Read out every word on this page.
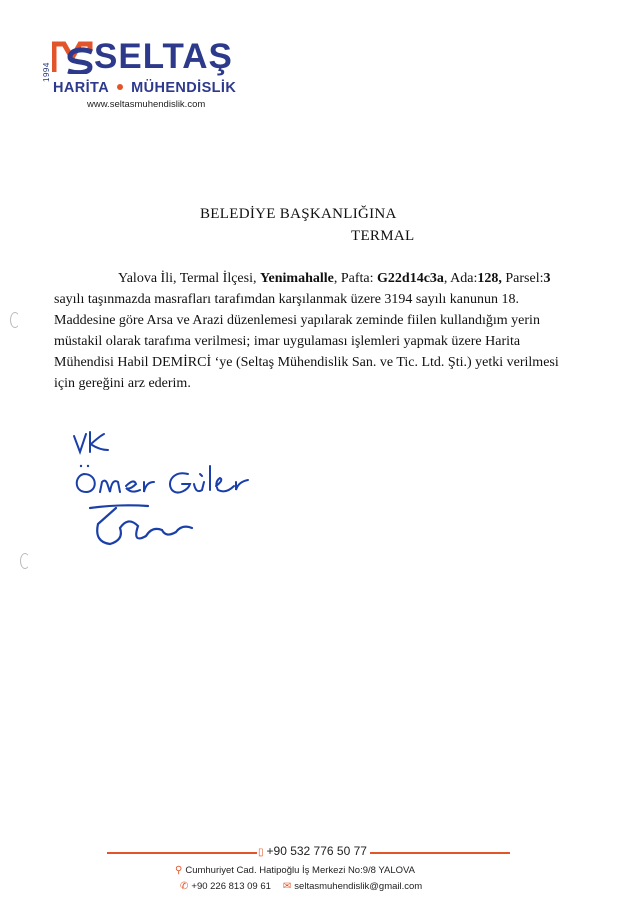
1994 SELTAŞ
HARİTA MÜHENDİSLİK
www.seltasmuhendislik.com
BELEDİYE BAŞKANLIĞINA
TERMAL

Yalova İli, Termal İlçesi, Yenimahalle, Pafta: G22d14c3a, Ada:128, Parsel:3 sayılı taşınmazda masrafları tarafımdan karşılanmak üzere 3194 sayılı kanunun 18. Maddesine göre Arsa ve Arazi düzenlemesi yapılarak zeminde fiilen kullandığım yerin müstakil olarak tarafıma verilmesi; imar uygulaması işlemleri yapmak üzere Harita Mühendisi Habil DEMİRCİ ‘ye (Seltaş Mühendislik San. ve Tic. Ltd. Şti.) yetki verilmesi için gereğini arz ederim.

▯ +90 532 776 50 77
⚲ Cumhuriyet Cad. Hatipoğlu İş Merkezi No:9/8 YALOVA
✆ +90 226 813 09 61 ✉ seltasmuhendislik@gmail.com
